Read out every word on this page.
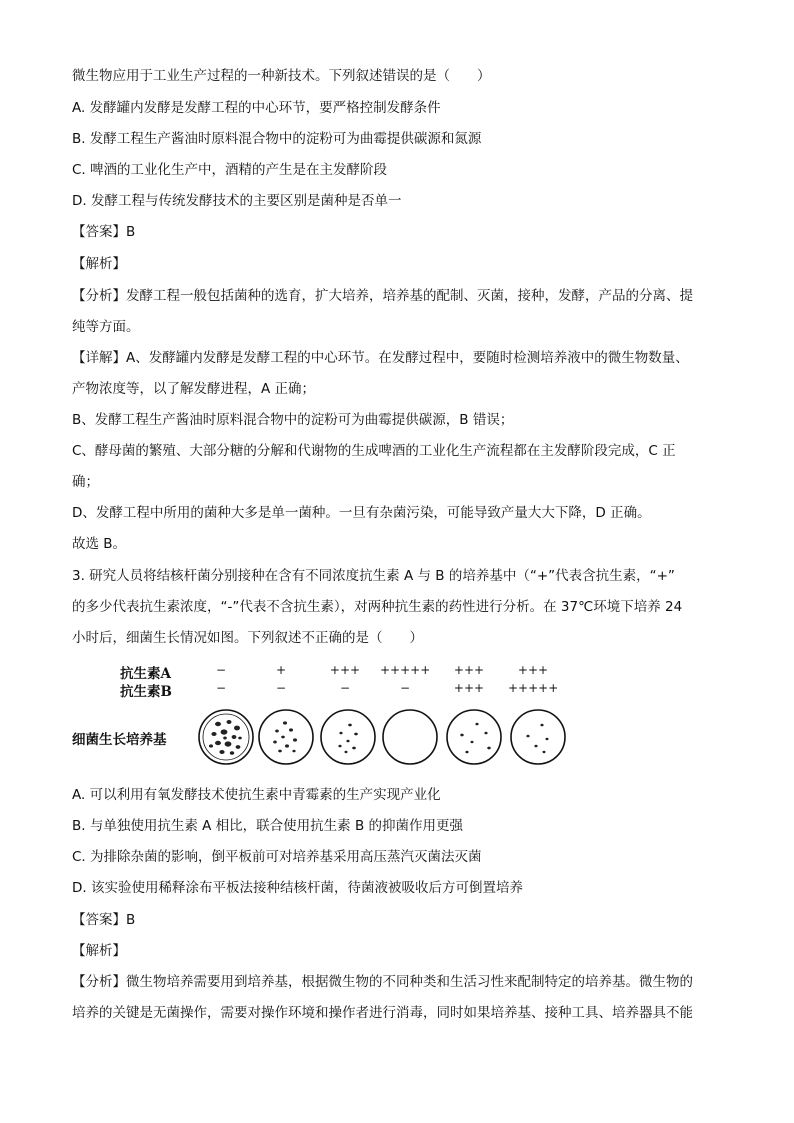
微生物应用于工业生产过程的一种新技术。下列叙述错误的是（　　）
A. 发酵罐内发酵是发酵工程的中心环节，要严格控制发酵条件
B. 发酵工程生产酱油时原料混合物中的淀粉可为曲霉提供碳源和氮源
C. 啤酒的工业化生产中，酒精的产生是在主发酵阶段
D. 发酵工程与传统发酵技术的主要区别是菌种是否单一
【答案】B
【解析】
【分析】发酵工程一般包括菌种的选育，扩大培养，培养基的配制、灭菌，接种，发酵，产品的分离、提
纯等方面。
【详解】A、发酵罐内发酵是发酵工程的中心环节。在发酵过程中，要随时检测培养液中的微生物数量、
产物浓度等，以了解发酵进程，A 正确；
B、发酵工程生产酱油时原料混合物中的淀粉可为曲霉提供碳源，B 错误；
C、酵母菌的繁殖、大部分糖的分解和代谢物的生成啤酒的工业化生产流程都在主发酵阶段完成，C 正
确；
D、发酵工程中所用的菌种大多是单一菌种。一旦有杂菌污染，可能导致产量大大下降，D 正确。
故选 B。
3. 研究人员将结核杆菌分别接种在含有不同浓度抗生素 A 与 B 的培养基中（“+”代表含抗生素，“+”
的多少代表抗生素浓度，“-”代表不含抗生素），对两种抗生素的药性进行分析。在 37℃环境下培养 24
小时后，细菌生长情况如图。下列叙述不正确的是（　　）
抗生素A
抗生素B
细菌生长培养基
−	+	+++	+++++	+++	+++
−	−	−	−	+++	+++++
A. 可以利用有氧发酵技术使抗生素中青霉素的生产实现产业化
B. 与单独使用抗生素 A 相比，联合使用抗生素 B 的抑菌作用更强
C. 为排除杂菌的影响，倒平板前可对培养基采用高压蒸汽灭菌法灭菌
D. 该实验使用稀释涂布平板法接种结核杆菌，待菌液被吸收后方可倒置培养
【答案】B
【解析】
【分析】微生物培养需要用到培养基，根据微生物的不同种类和生活习性来配制特定的培养基。微生物的
培养的关键是无菌操作，需要对操作环境和操作者进行消毒，同时如果培养基、接种工具、培养器具不能
